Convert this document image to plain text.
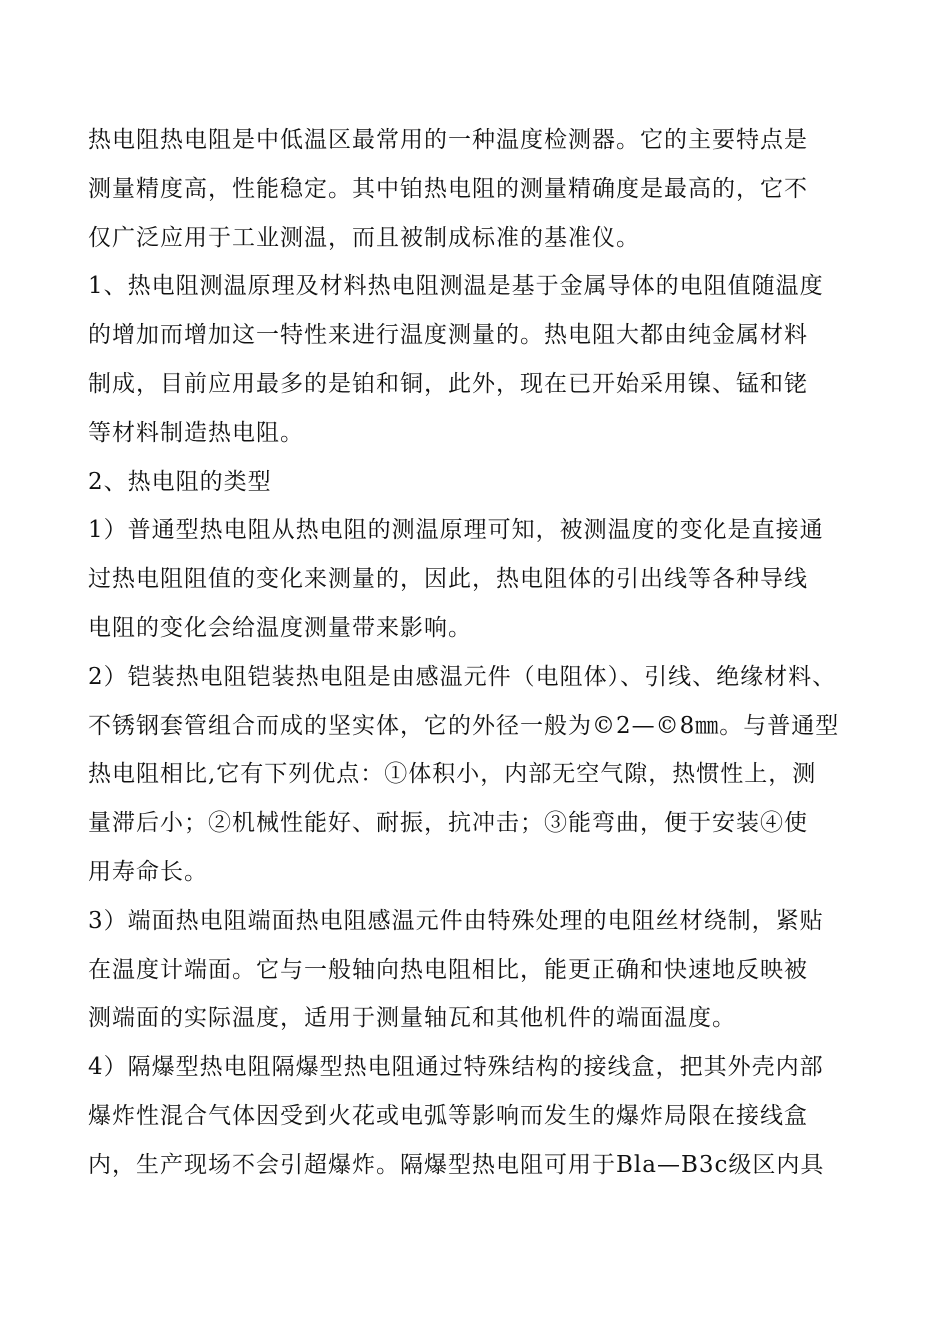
热电阻热电阻是中低温区最常用的一种温度检测器。它的主要特点是
测量精度高，性能稳定。其中铂热电阻的测量精确度是最高的，它不
仅广泛应用于工业测温，而且被制成标准的基准仪。
1、热电阻测温原理及材料热电阻测温是基于金属导体的电阻值随温度
的增加而增加这一特性来进行温度测量的。热电阻大都由纯金属材料
制成，目前应用最多的是铂和铜，此外，现在已开始采用镍、锰和铑
等材料制造热电阻。
2、热电阻的类型
1）普通型热电阻从热电阻的测温原理可知，被测温度的变化是直接通
过热电阻阻值的变化来测量的，因此，热电阻体的引出线等各种导线
电阻的变化会给温度测量带来影响。
2）铠装热电阻铠装热电阻是由感温元件（电阻体）、引线、绝缘材料、
不锈钢套管组合而成的坚实体，它的外径一般为©2—©8㎜。与普通型
热电阻相比,它有下列优点：①体积小，内部无空气隙，热惯性上，测
量滞后小；②机械性能好、耐振，抗冲击；③能弯曲，便于安装④使
用寿命长。
3）端面热电阻端面热电阻感温元件由特殊处理的电阻丝材绕制，紧贴
在温度计端面。它与一般轴向热电阻相比，能更正确和快速地反映被
测端面的实际温度，适用于测量轴瓦和其他机件的端面温度。
4）隔爆型热电阻隔爆型热电阻通过特殊结构的接线盒，把其外壳内部
爆炸性混合气体因受到火花或电弧等影响而发生的爆炸局限在接线盒
内，生产现场不会引超爆炸。隔爆型热电阻可用于Bla—B3c级区内具
